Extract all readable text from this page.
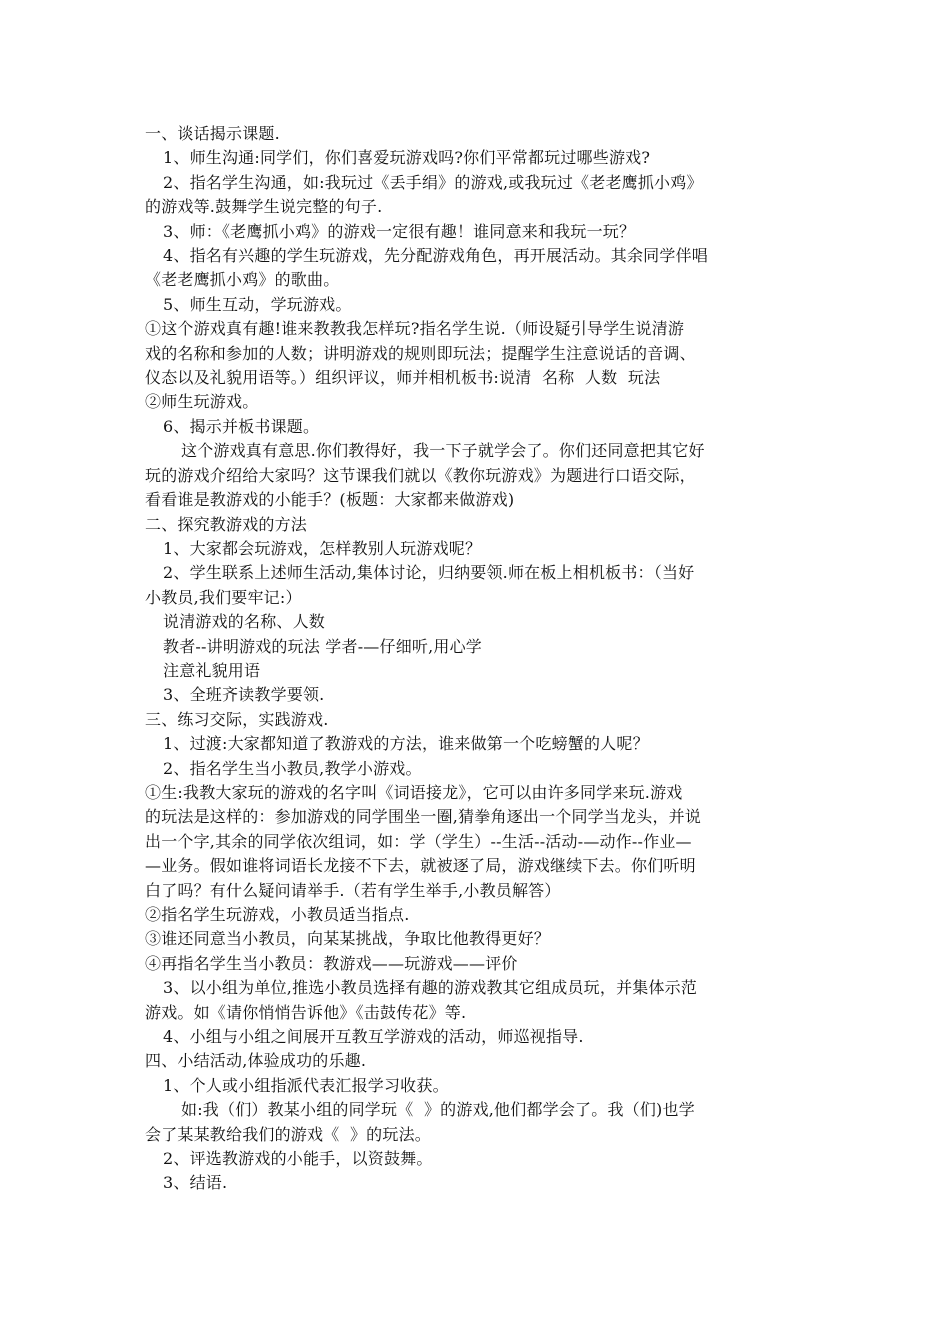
一、谈话揭示课题.
1、师生沟通:同学们，你们喜爱玩游戏吗?你们平常都玩过哪些游戏?
2、指名学生沟通，如:我玩过《丢手绢》的游戏,或我玩过《老老鹰抓小鸡》
的游戏等.鼓舞学生说完整的句子.
3、师：《老鹰抓小鸡》的游戏一定很有趣！谁同意来和我玩一玩？
4、指名有兴趣的学生玩游戏，先分配游戏角色，再开展活动。其余同学伴唱
《老老鹰抓小鸡》的歌曲。
5、师生互动，学玩游戏。
①这个游戏真有趣!谁来教教我怎样玩?指名学生说.（师设疑引导学生说清游
戏的名称和参加的人数；讲明游戏的规则即玩法；提醒学生注意说话的音调、
仪态以及礼貌用语等。）组织评议，师并相机板书:说清  名称  人数  玩法
②师生玩游戏。
6、揭示并板书课题。
这个游戏真有意思.你们教得好，我一下子就学会了。你们还同意把其它好
玩的游戏介绍给大家吗？这节课我们就以《教你玩游戏》为题进行口语交际，
看看谁是教游戏的小能手？(板题：大家都来做游戏)
二、探究教游戏的方法
1、大家都会玩游戏，怎样教别人玩游戏呢？
2、学生联系上述师生活动,集体讨论，归纳要领.师在板上相机板书：（当好
小教员,我们要牢记:）
说清游戏的名称、人数
教者--讲明游戏的玩法 学者-—仔细听,用心学
注意礼貌用语
3、全班齐读教学要领.
三、练习交际，实践游戏.
1、过渡:大家都知道了教游戏的方法，谁来做第一个吃螃蟹的人呢？
2、指名学生当小教员,教学小游戏。
①生:我教大家玩的游戏的名字叫《词语接龙》，它可以由许多同学来玩.游戏
的玩法是这样的：参加游戏的同学围坐一圈,猜拳角逐出一个同学当龙头，并说
出一个字,其余的同学依次组词，如：学（学生）--生活--活动-—动作--作业—
—业务。假如谁将词语长龙接不下去，就被逐了局，游戏继续下去。你们听明
白了吗？有什么疑问请举手.（若有学生举手,小教员解答）
②指名学生玩游戏，小教员适当指点.
③谁还同意当小教员，向某某挑战，争取比他教得更好？
④再指名学生当小教员：教游戏——玩游戏——评价
3、以小组为单位,推选小教员选择有趣的游戏教其它组成员玩，并集体示范
游戏。如《请你悄悄告诉他》《击鼓传花》等.
4、小组与小组之间展开互教互学游戏的活动，师巡视指导.
四、小结活动,体验成功的乐趣.
1、个人或小组指派代表汇报学习收获。
如:我（们）教某小组的同学玩《  》的游戏,他们都学会了。我（们)也学
会了某某教给我们的游戏《  》的玩法。
2、评选教游戏的小能手，以资鼓舞。
3、结语.
